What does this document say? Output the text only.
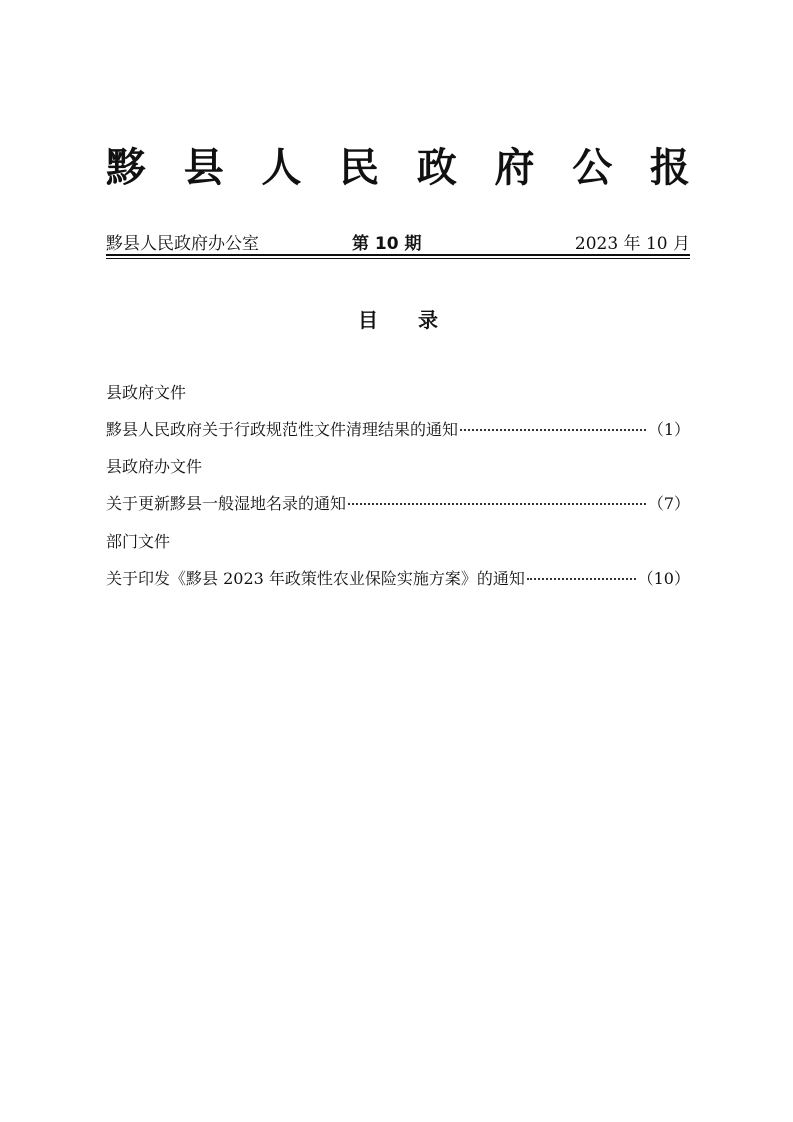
黟 县 人 民 政 府 公 报
黟县人民政府办公室	第 10 期	2023 年 10 月
目录
县政府文件
黟县人民政府关于行政规范性文件清理结果的通知	（1）
县政府办文件
关于更新黟县一般湿地名录的通知	（7）
部门文件
关于印发《黟县 2023 年政策性农业保险实施方案》的通知	（10）
